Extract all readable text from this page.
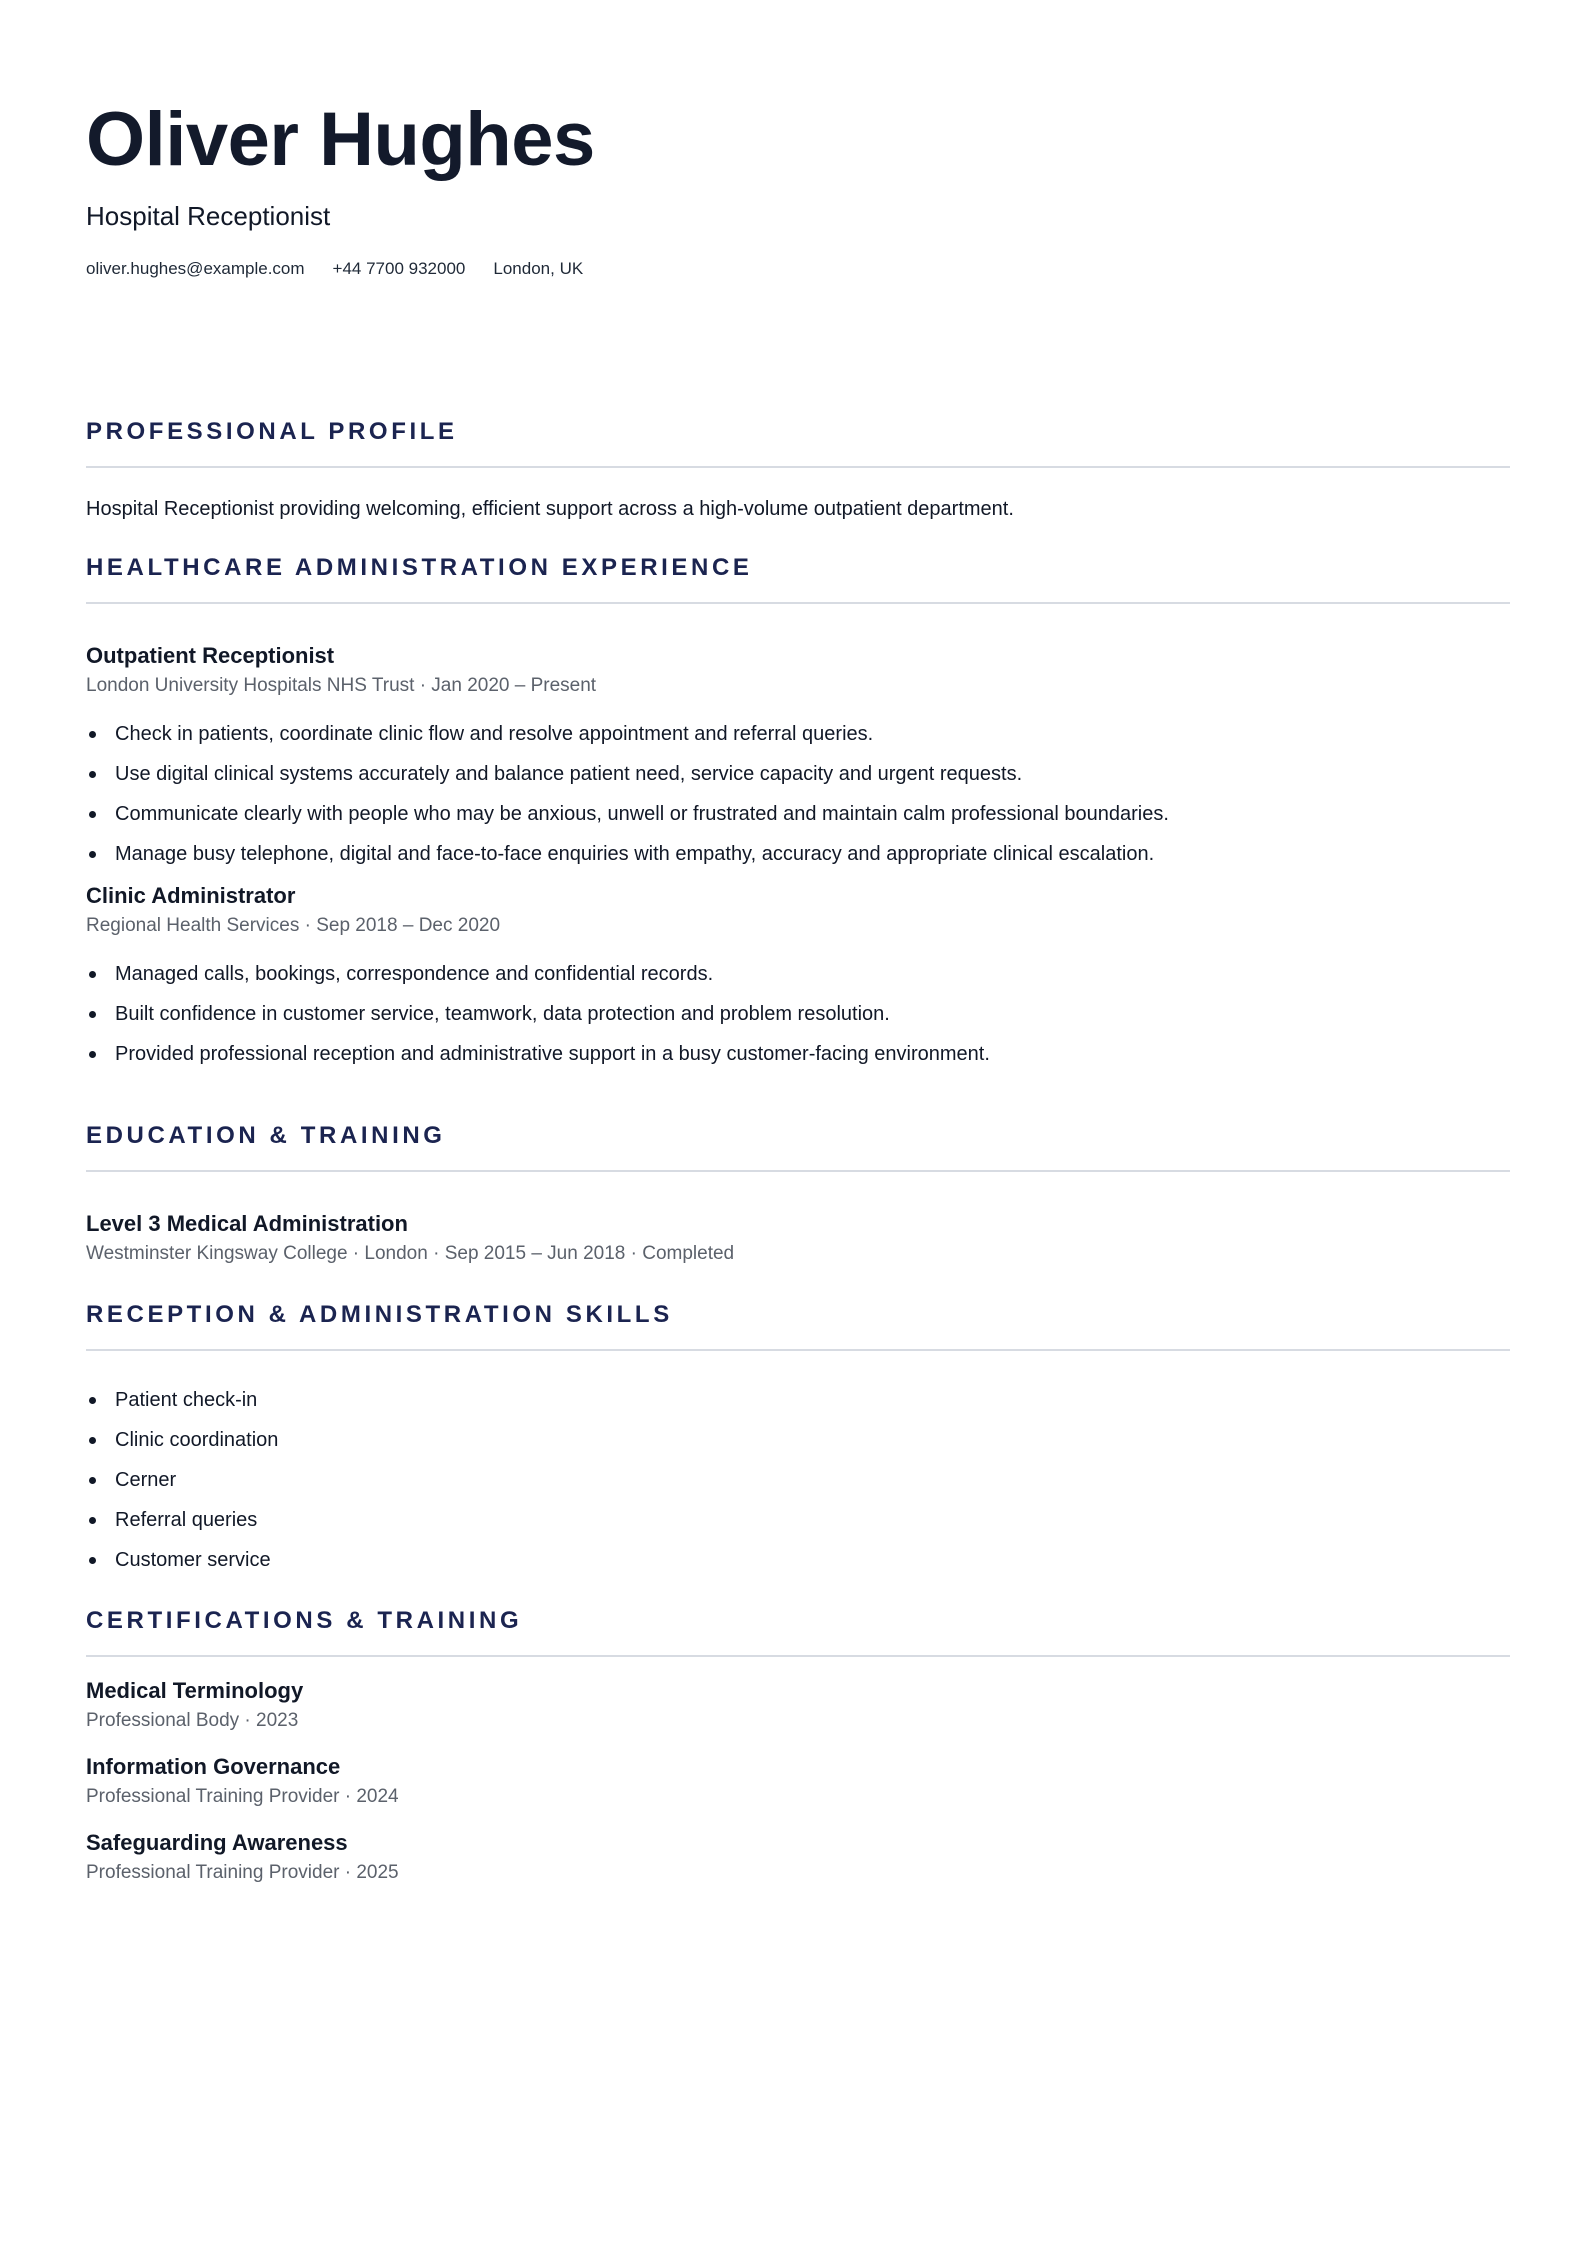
Oliver Hughes
Hospital Receptionist
oliver.hughes@example.com +44 7700 932000 London, UK
PROFESSIONAL PROFILE
Hospital Receptionist providing welcoming, efficient support across a high-volume outpatient department.
HEALTHCARE ADMINISTRATION EXPERIENCE
Outpatient Receptionist
London University Hospitals NHS Trust · Jan 2020 – Present
Check in patients, coordinate clinic flow and resolve appointment and referral queries.
Use digital clinical systems accurately and balance patient need, service capacity and urgent requests.
Communicate clearly with people who may be anxious, unwell or frustrated and maintain calm professional boundaries.
Manage busy telephone, digital and face-to-face enquiries with empathy, accuracy and appropriate clinical escalation.
Clinic Administrator
Regional Health Services · Sep 2018 – Dec 2020
Managed calls, bookings, correspondence and confidential records.
Built confidence in customer service, teamwork, data protection and problem resolution.
Provided professional reception and administrative support in a busy customer-facing environment.
EDUCATION & TRAINING
Level 3 Medical Administration
Westminster Kingsway College · London · Sep 2015 – Jun 2018 · Completed
RECEPTION & ADMINISTRATION SKILLS
Patient check-in
Clinic coordination
Cerner
Referral queries
Customer service
CERTIFICATIONS & TRAINING
Medical Terminology
Professional Body · 2023
Information Governance
Professional Training Provider · 2024
Safeguarding Awareness
Professional Training Provider · 2025
